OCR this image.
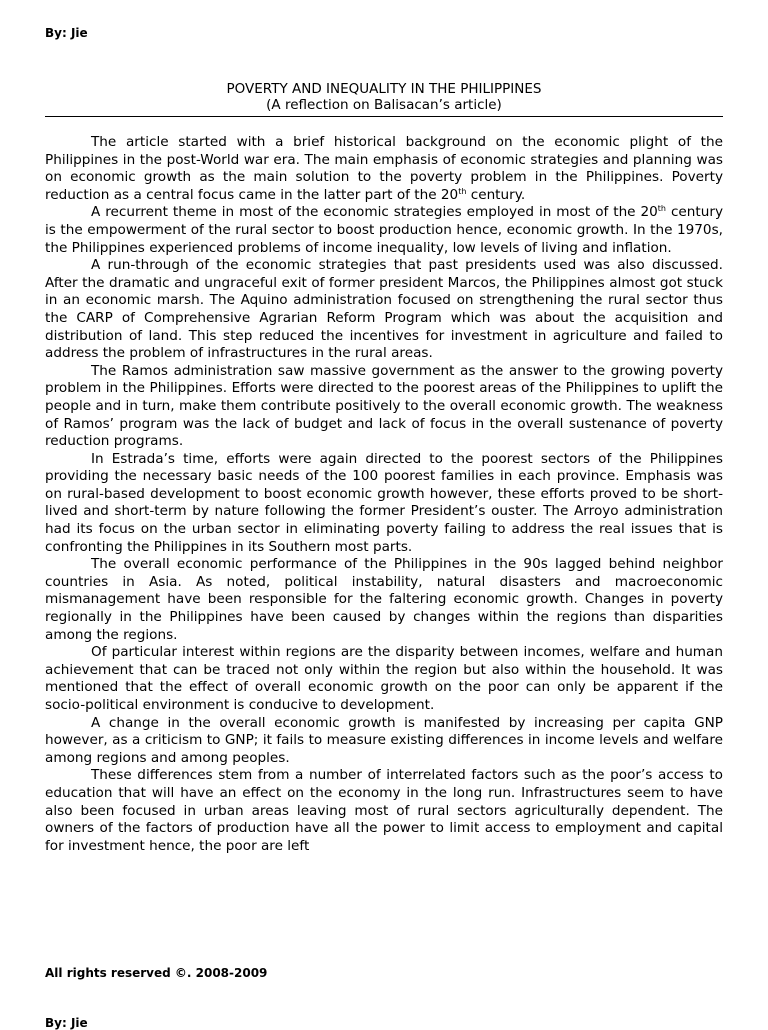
By: Jie
POVERTY AND INEQUALITY IN THE PHILIPPINES
(A reflection on Balisacan’s article)

The article started with a brief historical background on the economic plight of the Philippines in the post-World war era. The main emphasis of economic strategies and planning was on economic growth as the main solution to the poverty problem in the Philippines. Poverty reduction as a central focus came in the latter part of the 20th century.

A recurrent theme in most of the economic strategies employed in most of the 20th century is the empowerment of the rural sector to boost production hence, economic growth. In the 1970s, the Philippines experienced problems of income inequality, low levels of living and inflation.

A run-through of the economic strategies that past presidents used was also discussed. After the dramatic and ungraceful exit of former president Marcos, the Philippines almost got stuck in an economic marsh. The Aquino administration focused on strengthening the rural sector thus the CARP of Comprehensive Agrarian Reform Program which was about the acquisition and distribution of land. This step reduced the incentives for investment in agriculture and failed to address the problem of infrastructures in the rural areas.

The Ramos administration saw massive government as the answer to the growing poverty problem in the Philippines. Efforts were directed to the poorest areas of the Philippines to uplift the people and in turn, make them contribute positively to the overall economic growth. The weakness of Ramos’ program was the lack of budget and lack of focus in the overall sustenance of poverty reduction programs.

In Estrada’s time, efforts were again directed to the poorest sectors of the Philippines providing the necessary basic needs of the 100 poorest families in each province. Emphasis was on rural-based development to boost economic growth however, these efforts proved to be short-lived and short-term by nature following the former President’s ouster. The Arroyo administration had its focus on the urban sector in eliminating poverty failing to address the real issues that is confronting the Philippines in its Southern most parts.

The overall economic performance of the Philippines in the 90s lagged behind neighbor countries in Asia. As noted, political instability, natural disasters and macroeconomic mismanagement have been responsible for the faltering economic growth. Changes in poverty regionally in the Philippines have been caused by changes within the regions than disparities among the regions.

Of particular interest within regions are the disparity between incomes, welfare and human achievement that can be traced not only within the region but also within the household. It was mentioned that the effect of overall economic growth on the poor can only be apparent if the socio-political environment is conducive to development.

A change in the overall economic growth is manifested by increasing per capita GNP however, as a criticism to GNP; it fails to measure existing differences in income levels and welfare among regions and among peoples.

These differences stem from a number of interrelated factors such as the poor’s access to education that will have an effect on the economy in the long run. Infrastructures seem to have also been focused in urban areas leaving most of rural sectors agriculturally dependent. The owners of the factors of production have all the power to limit access to employment and capital for investment hence, the poor are left

All rights reserved ©. 2008-2009
By: Jie
